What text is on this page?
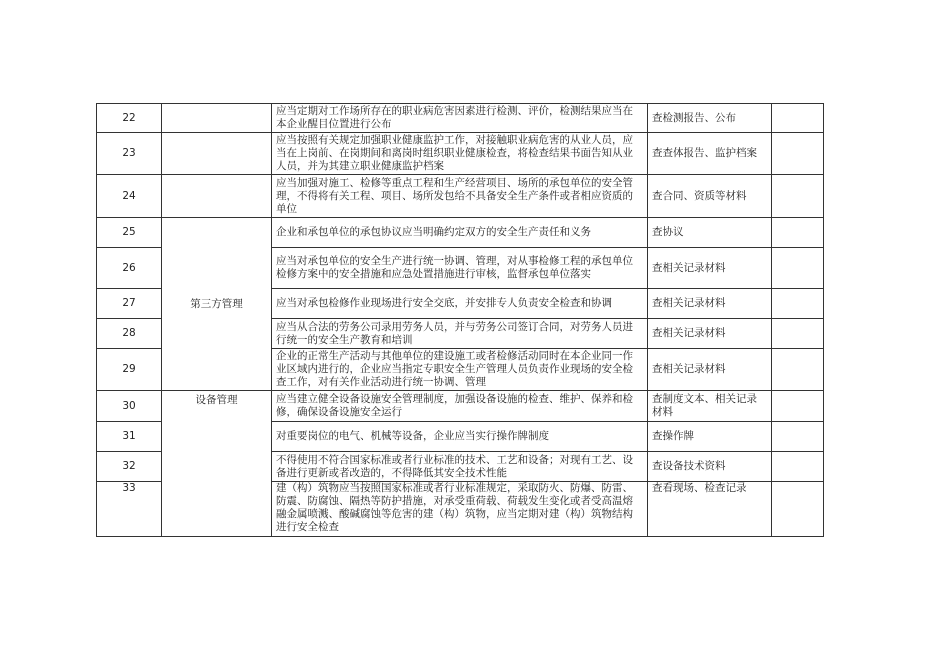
22		应当定期对工作场所存在的职业病危害因素进行检测、评价，检测结果应当在本企业醒目位置进行公布	查检测报告、公布	
23		应当按照有关规定加强职业健康监护工作，对接触职业病危害的从业人员，应当在上岗前、在岗期间和离岗时组织职业健康检查，将检查结果书面告知从业人员，并为其建立职业健康监护档案	查查体报告、监护档案	
24		应当加强对施工、检修等重点工程和生产经营项目、场所的承包单位的安全管理，不得将有关工程、项目、场所发包给不具备安全生产条件或者相应资质的单位	查合同、资质等材料	
25	第三方管理	企业和承包单位的承包协议应当明确约定双方的安全生产责任和义务	查协议	
26		应当对承包单位的安全生产进行统一协调、管理，对从事检修工程的承包单位检修方案中的安全措施和应急处置措施进行审核，监督承包单位落实	查相关记录材料	
27		应当对承包检修作业现场进行安全交底，并安排专人负责安全检查和协调	查相关记录材料	
28		应当从合法的劳务公司录用劳务人员，并与劳务公司签订合同，对劳务人员进行统一的安全生产教育和培训	查相关记录材料	
29		企业的正常生产活动与其他单位的建设施工或者检修活动同时在本企业同一作业区域内进行的，企业应当指定专职安全生产管理人员负责作业现场的安全检查工作，对有关作业活动进行统一协调、管理	查相关记录材料	
30	设备管理	应当建立健全设备设施安全管理制度，加强设备设施的检查、维护、保养和检修，确保设备设施安全运行	查制度文本、相关记录材料	
31		对重要岗位的电气、机械等设备，企业应当实行操作牌制度	查操作牌	
32		不得使用不符合国家标准或者行业标准的技术、工艺和设备；对现有工艺、设备进行更新或者改造的，不得降低其安全技术性能	查设备技术资料	
33		建（构）筑物应当按照国家标准或者行业标准规定，采取防火、防爆、防雷、防震、防腐蚀、隔热等防护措施，对承受重荷载、荷载发生变化或者受高温熔融金属喷溅、酸碱腐蚀等危害的建（构）筑物，应当定期对建（构）筑物结构进行安全检查	查看现场、检查记录	
